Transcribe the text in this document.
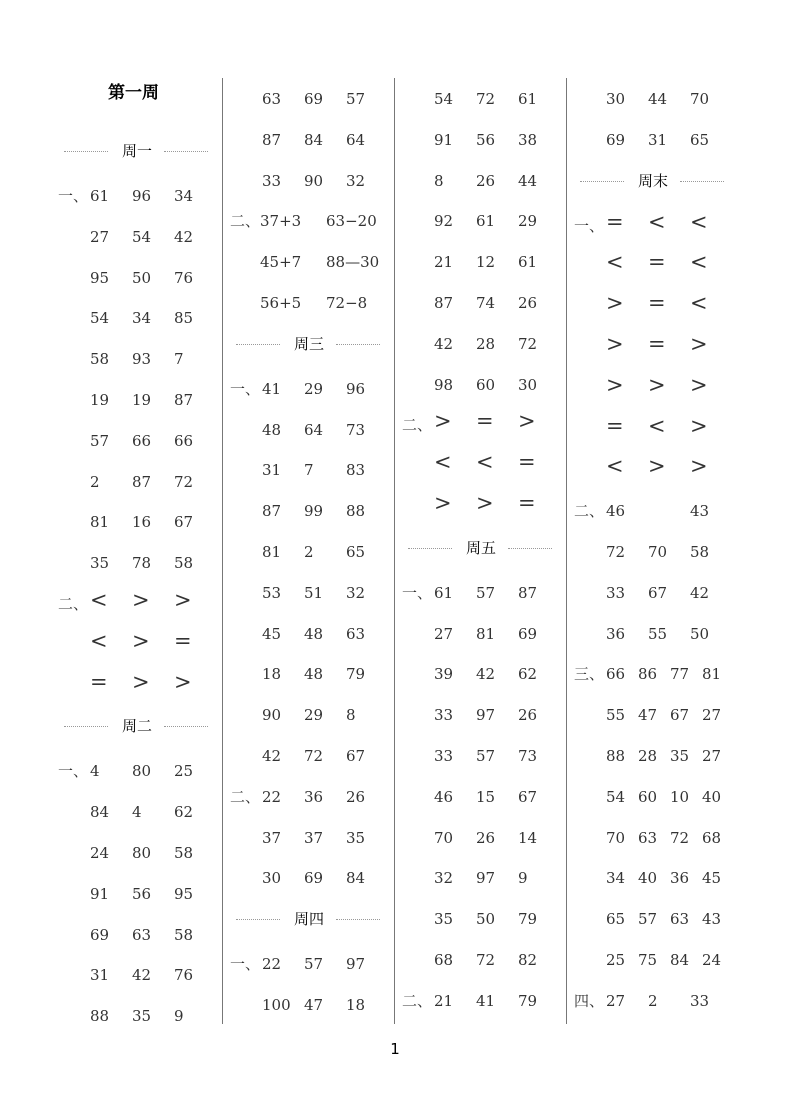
第一周
周一
一、 61 96 34
27 54 42
95 50 76
54 34 85
58 93 7
19 19 87
57 66 66
2 87 72
81 16 67
35 78 58
二、 < > >
< > =
= > >
周二
一、 4 80 25
84 4 62
24 80 58
91 56 95
69 63 58
31 42 76
88 35 9
63 69 57
87 84 64
33 90 32
二、 37+3 63−20
45+7 88—30
56+5 72−8
周三
一、 41 29 96
48 64 73
31 7 83
87 99 88
81 2 65
53 51 32
45 48 63
18 48 79
90 29 8
42 72 67
二、 22 36 26
37 37 35
30 69 84
周四
一、 22 57 97
100 47 18
54 72 61
91 56 38
8 26 44
92 61 29
21 12 61
87 74 26
42 28 72
98 60 30
二、 > = >
< < =
> > =
周五
一、 61 57 87
27 81 69
39 42 62
33 97 26
33 57 73
46 15 67
70 26 14
32 97 9
35 50 79
68 72 82
二、 21 41 79
30 44 70
69 31 65
周末
一、 = < <
< = <
> = <
> = >
> > >
= < >
< > >
二、 46	43
72 70 58
33 67 42
36 55 50
三、 66 86 77 81
55 47 67 27
88 28 35 27
54 60 10 40
70 63 72 68
34 40 36 45
65 57 63 43
25 75 84 24
四、 27 2 33
1
